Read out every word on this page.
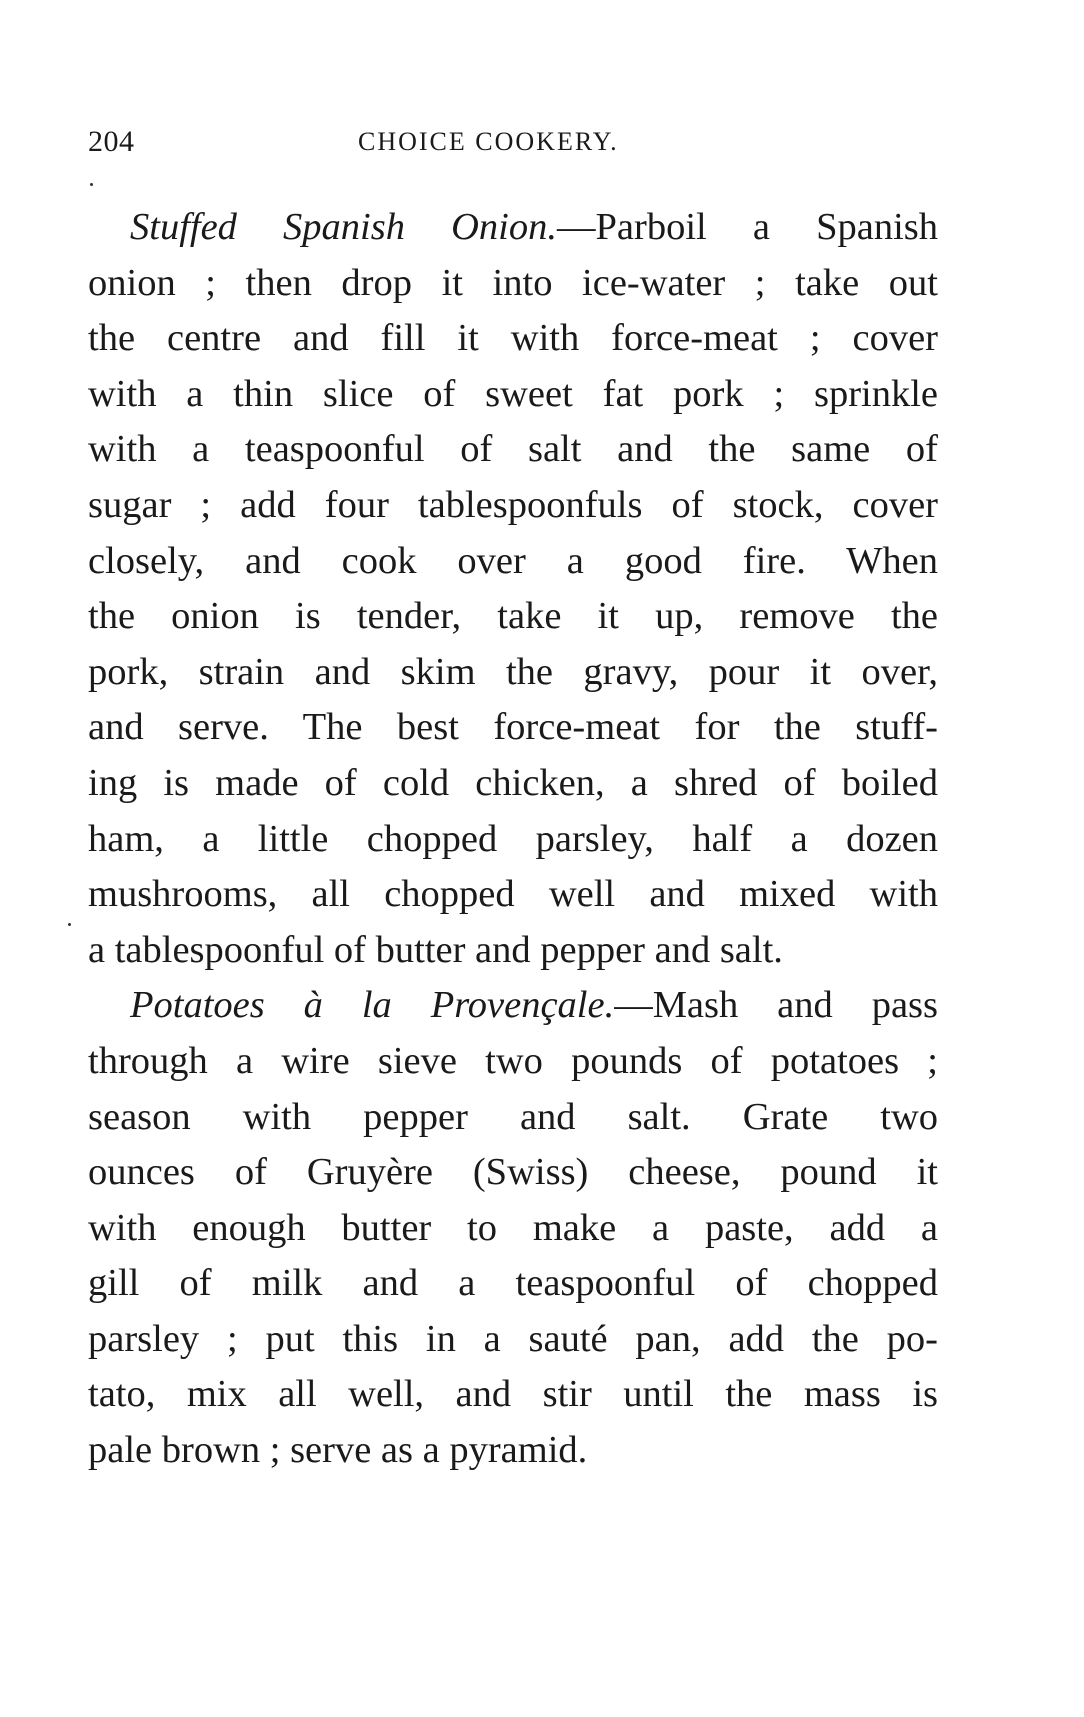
204	CHOICE COOKERY.
Stuffed Spanish Onion.—Parboil a Spanish
onion ; then drop it into ice-water ; take out
the centre and fill it with force-meat ; cover
with a thin slice of sweet fat pork ; sprinkle
with a teaspoonful of salt and the same of
sugar ; add four tablespoonfuls of stock, cover
closely, and cook over a good fire. When
the onion is tender, take it up, remove the
pork, strain and skim the gravy, pour it over,
and serve. The best force-meat for the stuff-
ing is made of cold chicken, a shred of boiled
ham, a little chopped parsley, half a dozen
mushrooms, all chopped well and mixed with
a tablespoonful of butter and pepper and salt.
Potatoes à la Provençale.—Mash and pass
through a wire sieve two pounds of potatoes ;
season with pepper and salt. Grate two
ounces of Gruyère (Swiss) cheese, pound it
with enough butter to make a paste, add a
gill of milk and a teaspoonful of chopped
parsley ; put this in a sauté pan, add the po-
tato, mix all well, and stir until the mass is
pale brown ; serve as a pyramid.
